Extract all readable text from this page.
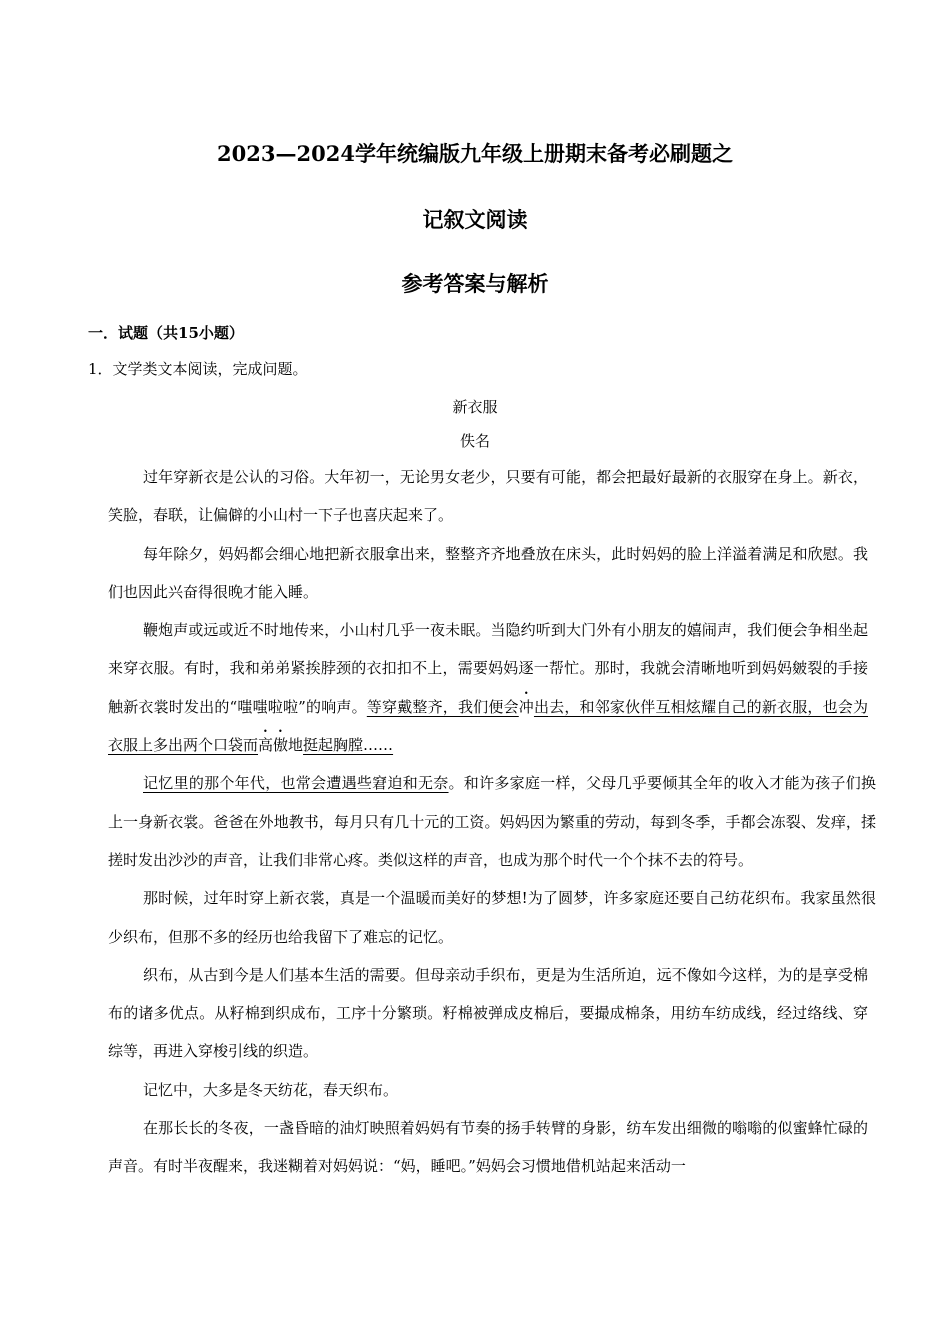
2023—2024学年统编版九年级上册期末备考必刷题之
记叙文阅读
参考答案与解析
一．试题（共15小题）
1．文学类文本阅读，完成问题。
新衣服
佚名

过年穿新衣是公认的习俗。大年初一，无论男女老少，只要有可能，都会把最好最新的衣服穿在身上。新衣，笑脸，春联，让偏僻的小山村一下子也喜庆起来了。

每年除夕，妈妈都会细心地把新衣服拿出来，整整齐齐地叠放在床头，此时妈妈的脸上洋溢着满足和欣慰。我们也因此兴奋得很晚才能入睡。

鞭炮声或远或近不时地传来，小山村几乎一夜未眠。当隐约听到大门外有小朋友的嬉闹声，我们便会争相坐起来穿衣服。有时，我和弟弟紧挨脖颈的衣扣扣不上，需要妈妈逐一帮忙。那时，我就会清晰地听到妈妈皴裂的手接触新衣裳时发出的“嗤嗤啦啦”的响声。等穿戴整齐，我们便会冲出去，和邻家伙伴互相炫耀自己的新衣服，也会为衣服上多出两个口袋而高傲地挺起胸膛……

记忆里的那个年代，也常会遭遇些窘迫和无奈。和许多家庭一样，父母几乎要倾其全年的收入才能为孩子们换上一身新衣裳。爸爸在外地教书，每月只有几十元的工资。妈妈因为繁重的劳动，每到冬季，手都会冻裂、发痒，揉搓时发出沙沙的声音，让我们非常心疼。类似这样的声音，也成为那个时代一个个抹不去的符号。

那时候，过年时穿上新衣裳，真是一个温暖而美好的梦想!为了圆梦，许多家庭还要自己纺花织布。我家虽然很少织布，但那不多的经历也给我留下了难忘的记忆。

织布，从古到今是人们基本生活的需要。但母亲动手织布，更是为生活所迫，远不像如今这样，为的是享受棉布的诸多优点。从籽棉到织成布，工序十分繁琐。籽棉被弹成皮棉后，要撮成棉条，用纺车纺成线，经过络线、穿综等，再进入穿梭引线的织造。

记忆中，大多是冬天纺花，春天织布。

在那长长的冬夜，一盏昏暗的油灯映照着妈妈有节奏的扬手转臂的身影，纺车发出细微的嗡嗡的似蜜蜂忙碌的声音。有时半夜醒来，我迷糊着对妈妈说：“妈，睡吧。”妈妈会习惯地借机站起来活动一
